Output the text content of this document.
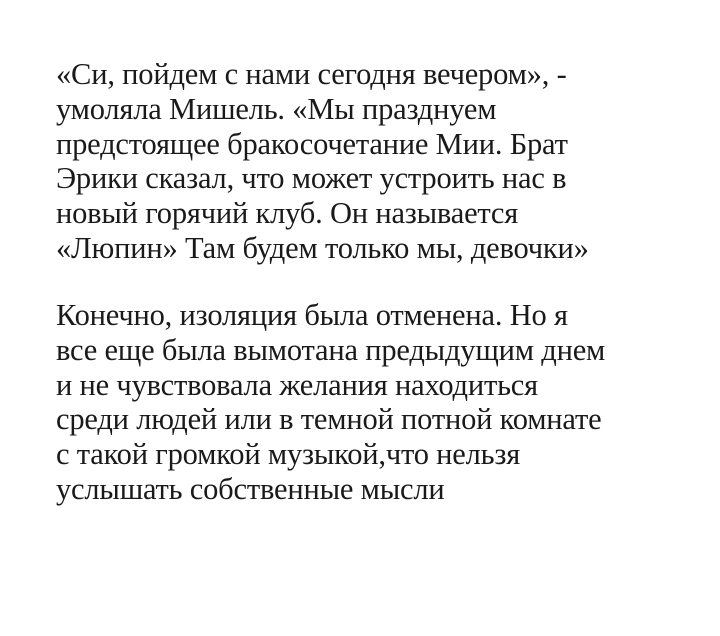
«Си, пойдем с нами сегодня вечером», -
умоляла Мишель. «Мы празднуем
предстоящее бракосочетание Мии. Брат
Эрики сказал, что может устроить нас в
новый горячий клуб. Он называется
«Люпин» Там будем только мы, девочки»
Конечно, изоляция была отменена. Но я
все еще была вымотана предыдущим днем
и не чувствовала желания находиться
среди людей или в темной потной комнате
с такой громкой музыкой,что нельзя
услышать собственные мысли
